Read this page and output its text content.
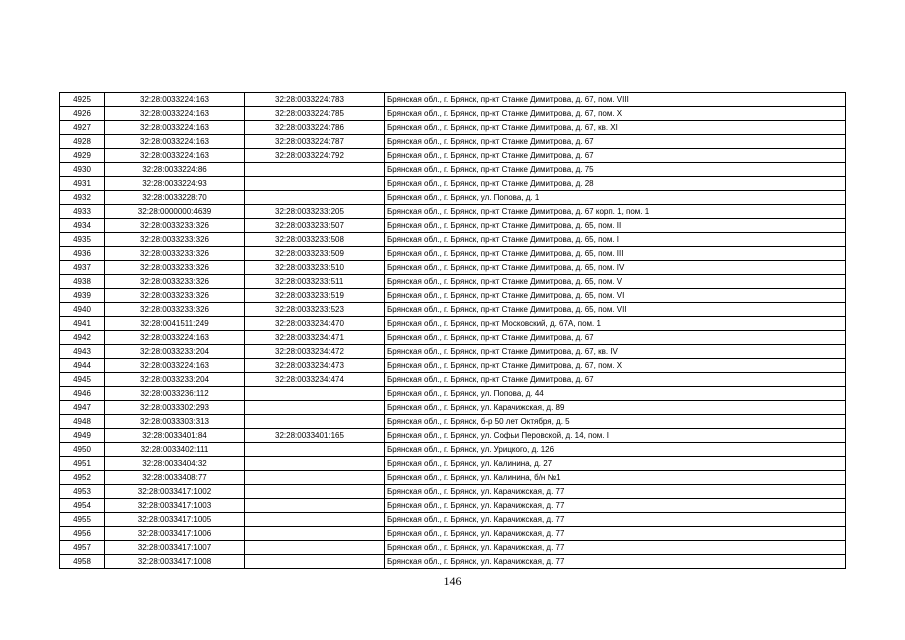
4925	32:28:0033224:163	32:28:0033224:783	Брянская обл., г. Брянск, пр-кт Станке Димитрова, д. 67, пом. VIII
4926	32:28:0033224:163	32:28:0033224:785	Брянская обл., г. Брянск, пр-кт Станке Димитрова, д. 67, пом. X
4927	32:28:0033224:163	32:28:0033224:786	Брянская обл., г. Брянск, пр-кт Станке Димитрова, д. 67, кв. XI
4928	32:28:0033224:163	32:28:0033224:787	Брянская обл., г. Брянск, пр-кт Станке Димитрова, д. 67
4929	32:28:0033224:163	32:28:0033224:792	Брянская обл., г. Брянск, пр-кт Станке Димитрова, д. 67
4930	32:28:0033224:86		Брянская обл., г. Брянск, пр-кт Станке Димитрова, д. 75
4931	32:28:0033224:93		Брянская обл., г. Брянск, пр-кт Станке Димитрова, д. 28
4932	32:28:0033228:70		Брянская обл., г. Брянск, ул. Попова, д. 1
4933	32:28:0000000:4639	32:28:0033233:205	Брянская обл., г. Брянск, пр-кт Станке Димитрова, д. 67 корп. 1, пом. 1
4934	32:28:0033233:326	32:28:0033233:507	Брянская обл., г. Брянск, пр-кт Станке Димитрова, д. 65, пом. II
4935	32:28:0033233:326	32:28:0033233:508	Брянская обл., г. Брянск, пр-кт Станке Димитрова, д. 65, пом. I
4936	32:28:0033233:326	32:28:0033233:509	Брянская обл., г. Брянск, пр-кт Станке Димитрова, д. 65, пом. III
4937	32:28:0033233:326	32:28:0033233:510	Брянская обл., г. Брянск, пр-кт Станке Димитрова, д. 65, пом. IV
4938	32:28:0033233:326	32:28:0033233:511	Брянская обл., г. Брянск, пр-кт Станке Димитрова, д. 65, пом. V
4939	32:28:0033233:326	32:28:0033233:519	Брянская обл., г. Брянск, пр-кт Станке Димитрова, д. 65, пом. VI
4940	32:28:0033233:326	32:28:0033233:523	Брянская обл., г. Брянск, пр-кт Станке Димитрова, д. 65, пом. VII
4941	32:28:0041511:249	32:28:0033234:470	Брянская обл., г. Брянск, пр-кт Московский, д. 67А, пом. 1
4942	32:28:0033224:163	32:28:0033234:471	Брянская обл., г. Брянск, пр-кт Станке Димитрова, д. 67
4943	32:28:0033233:204	32:28:0033234:472	Брянская обл., г. Брянск, пр-кт Станке Димитрова, д. 67, кв. IV
4944	32:28:0033224:163	32:28:0033234:473	Брянская обл., г. Брянск, пр-кт Станке Димитрова, д. 67, пом. X
4945	32:28:0033233:204	32:28:0033234:474	Брянская обл., г. Брянск, пр-кт Станке Димитрова, д. 67
4946	32:28:0033236:112		Брянская обл., г. Брянск, ул. Попова, д. 44
4947	32:28:0033302:293		Брянская обл., г. Брянск, ул. Карачижская, д. 89
4948	32:28:0033303:313		Брянская обл., г. Брянск, б-р 50 лет Октября, д. 5
4949	32:28:0033401:84	32:28:0033401:165	Брянская обл., г. Брянск, ул. Софьи Перовской, д. 14, пом. I
4950	32:28:0033402:111		Брянская обл., г. Брянск, ул. Урицкого, д. 126
4951	32:28:0033404:32		Брянская обл., г. Брянск, ул. Калинина, д. 27
4952	32:28:0033408:77		Брянская обл., г. Брянск, ул. Калинина, б/н №1
4953	32:28:0033417:1002		Брянская обл., г. Брянск, ул. Карачижская, д. 77
4954	32:28:0033417:1003		Брянская обл., г. Брянск, ул. Карачижская, д. 77
4955	32:28:0033417:1005		Брянская обл., г. Брянск, ул. Карачижская, д. 77
4956	32:28:0033417:1006		Брянская обл., г. Брянск, ул. Карачижская, д. 77
4957	32:28:0033417:1007		Брянская обл., г. Брянск, ул. Карачижская, д. 77
4958	32:28:0033417:1008		Брянская обл., г. Брянск, ул. Карачижская, д. 77
146
